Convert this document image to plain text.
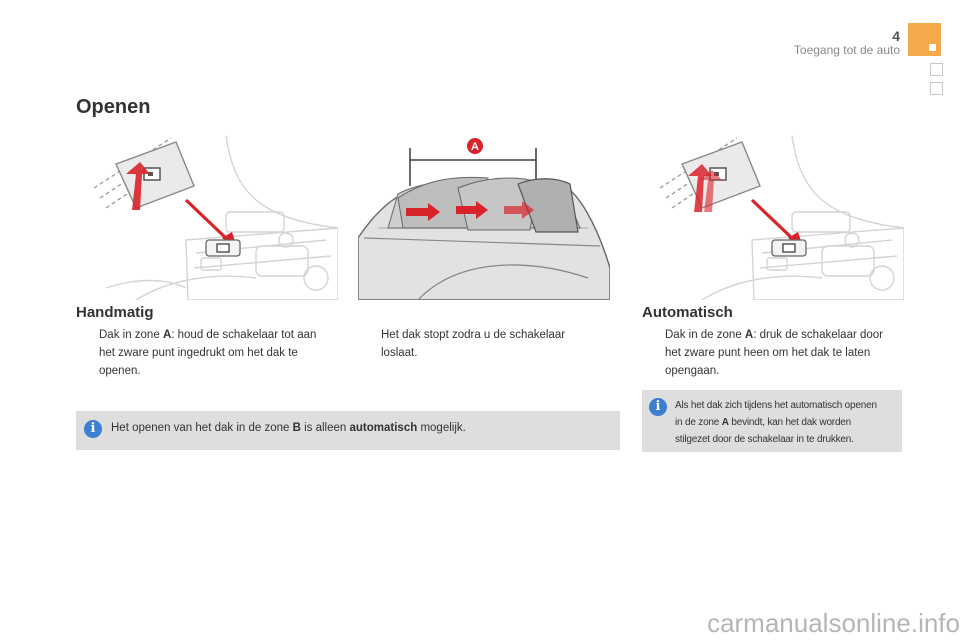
4
Toegang tot de auto
Openen
A
Handmatig
Dak in zone A: houd de schakelaar tot aan
het zware punt ingedrukt om het dak te
openen.
Het dak stopt zodra u de schakelaar
loslaat.
i	Het openen van het dak in de zone B is alleen automatisch mogelijk.
Automatisch
Dak in de zone A: druk de schakelaar door
het zware punt heen om het dak te laten
opengaan.
i	Als het dak zich tijdens het automatisch openen
in de zone A bevindt, kan het dak worden
stilgezet door de schakelaar in te drukken.
carmanualsonline.info
